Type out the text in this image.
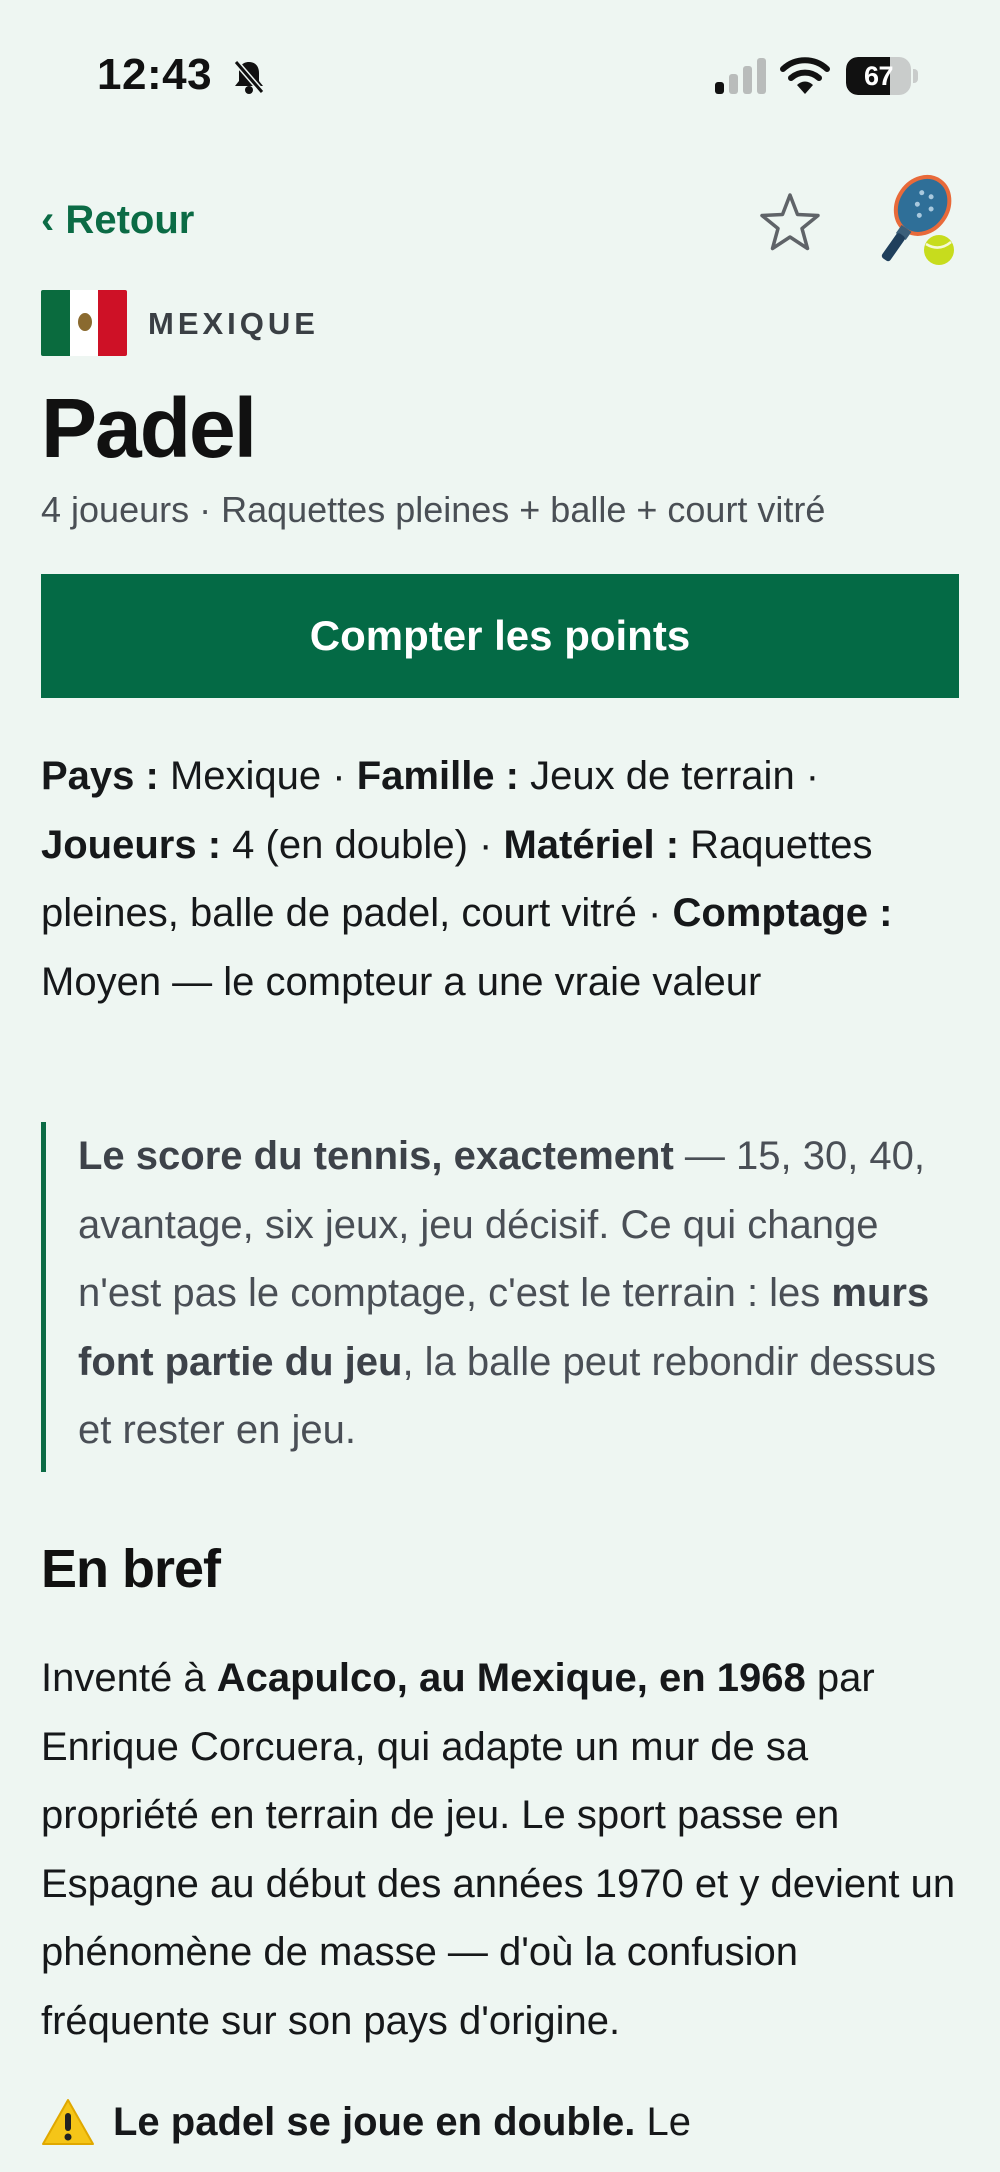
12:43	67
‹ Retour
MEXIQUE
Padel
4 joueurs · Raquettes pleines + balle + court vitré
Compter les points

Pays : Mexique · Famille : Jeux de terrain · Joueurs : 4 (en double) · Matériel : Raquettes pleines, balle de padel, court vitré · Comptage : Moyen — le compteur a une vraie valeur

Le score du tennis, exactement — 15, 30, 40, avantage, six jeux, jeu décisif. Ce qui change n'est pas le comptage, c'est le terrain : les murs font partie du jeu, la balle peut rebondir dessus et rester en jeu.
En bref

Inventé à Acapulco, au Mexique, en 1968 par Enrique Corcuera, qui adapte un mur de sa propriété en terrain de jeu. Le sport passe en Espagne au début des années 1970 et y devient un phénomène de masse — d'où la confusion fréquente sur son pays d'origine.

Le padel se joue en double. Le
